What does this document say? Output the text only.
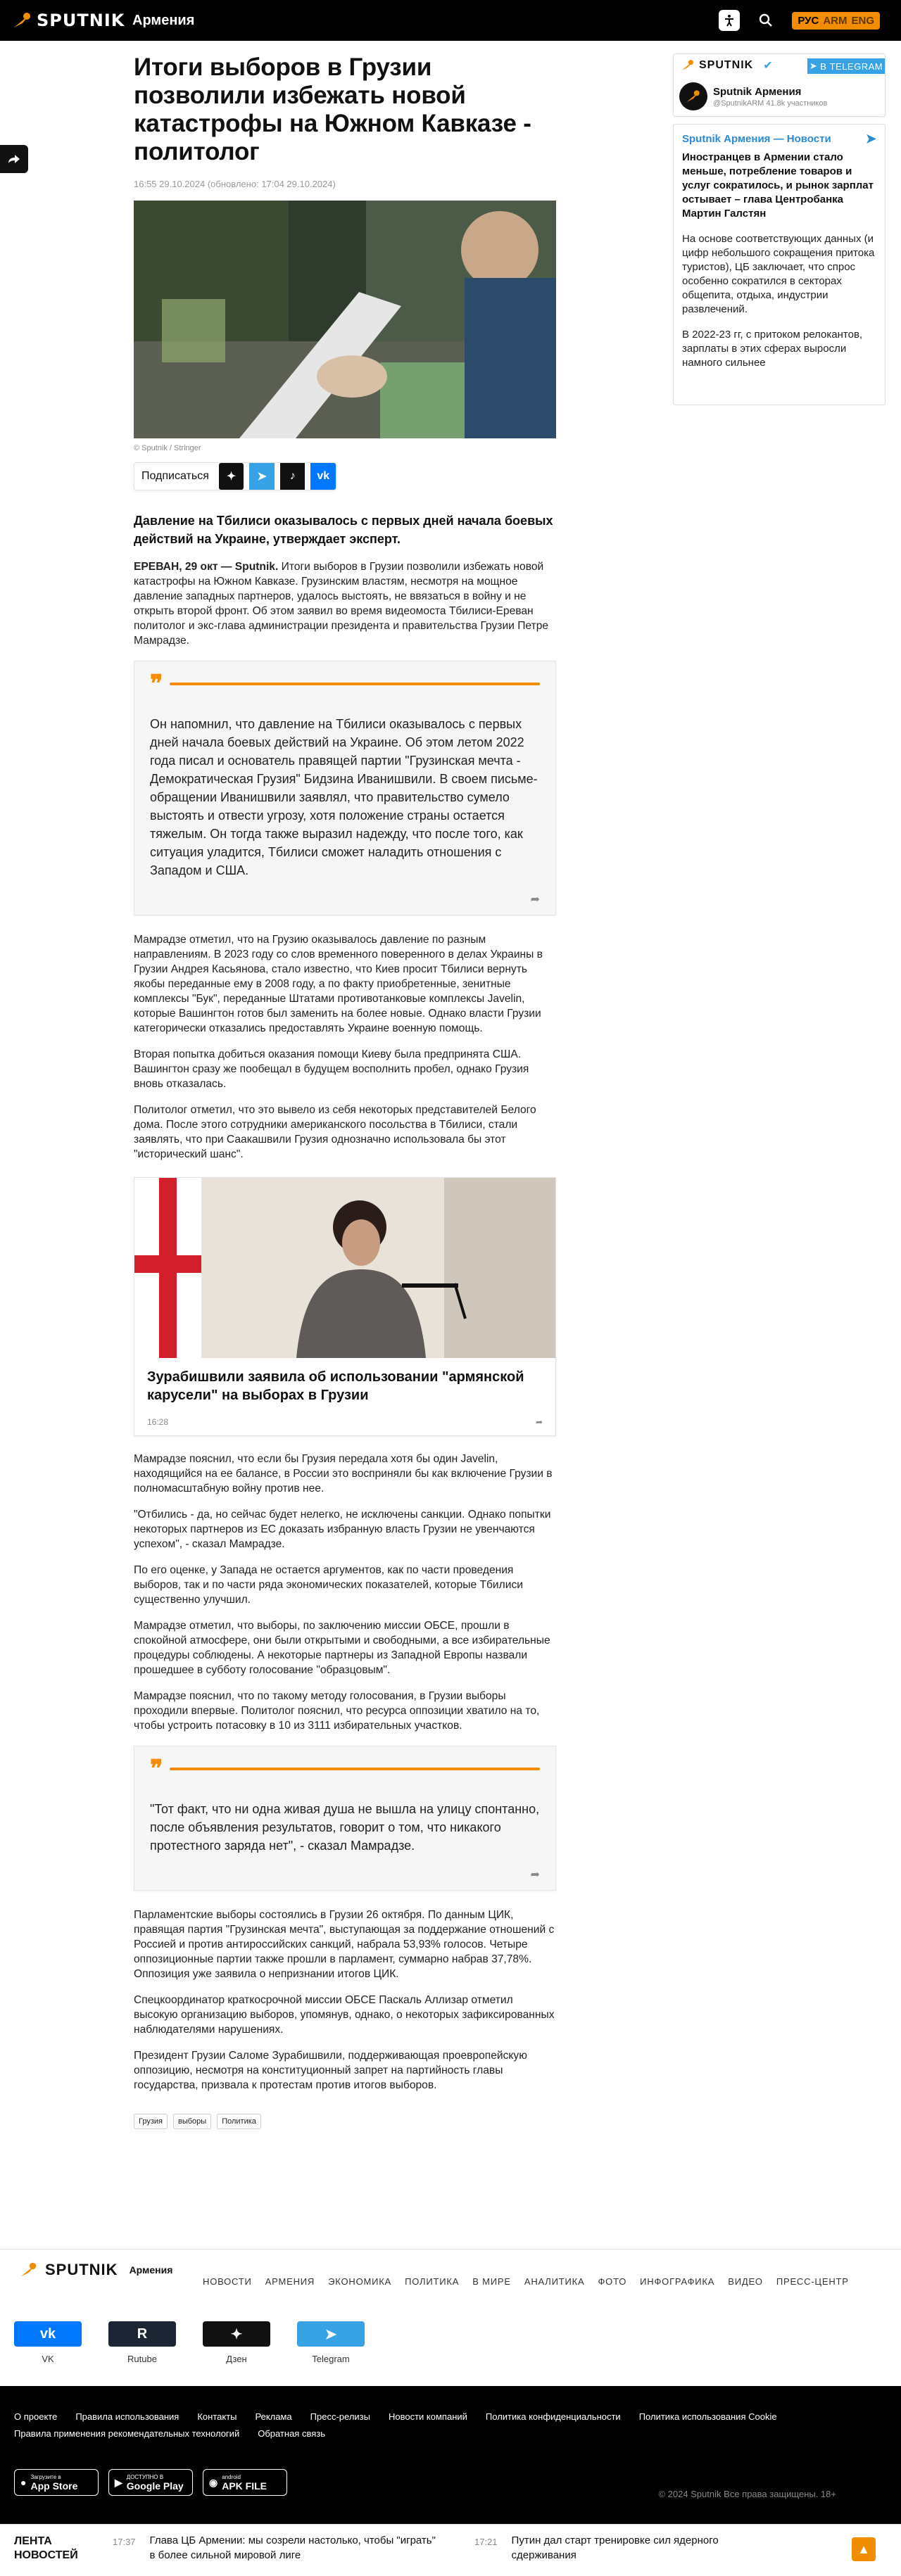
SPUTNIK Армения	РУС ARM ENG
Итоги выборов в Грузии позволили избежать новой катастрофы на Южном Кавказе - политолог
16:55 29.10.2024 (обновлено: 17:04 29.10.2024)
© Sputnik / Stringer
Подписаться	✦	➤	♪	vk
Давление на Тбилиси оказывалось с первых дней начала боевых действий на Украине, утверждает эксперт.

ЕРЕВАН, 29 окт — Sputnik. Итоги выборов в Грузии позволили избежать новой катастрофы на Южном Кавказе. Грузинским властям, несмотря на мощное давление западных партнеров, удалось выстоять, не ввязаться в войну и не открыть второй фронт. Об этом заявил во время видеомоста Тбилиси-Ереван политолог и экс-глава администрации президента и правительства Грузии Петре Мамрадзе.

❞
Он напомнил, что давление на Тбилиси оказывалось с первых дней начала боевых действий на Украине. Об этом летом 2022 года писал и основатель правящей партии "Грузинская мечта - Демократическая Грузия" Бидзина Иванишвили. В своем письме-обращении Иванишвили заявлял, что правительство сумело выстоять и отвести угрозу, хотя положение страны остается тяжелым. Он тогда также выразил надежду, что после того, как ситуация уладится, Тбилиси сможет наладить отношения с Западом и США.
➦

Мамрадзе отметил, что на Грузию оказывалось давление по разным направлениям. В 2023 году со слов временного поверенного в делах Украины в Грузии Андрея Касьянова, стало известно, что Киев просит Тбилиси вернуть якобы переданные ему в 2008 году, а по факту приобретенные, зенитные комплексы "Бук", переданные Штатами противотанковые комплексы Javelin, которые Вашингтон готов был заменить на более новые. Однако власти Грузии категорически отказались предоставлять Украине военную помощь.

Вторая попытка добиться оказания помощи Киеву была предпринята США. Вашингтон сразу же пообещал в будущем восполнить пробел, однако Грузия вновь отказалась.

Политолог отметил, что это вывело из себя некоторых представителей Белого дома. После этого сотрудники американского посольства в Тбилиси, стали заявлять, что при Саакашвили Грузия однозначно использовала бы этот "исторический шанс".

Зурабишвили заявила об использовании "армянской карусели" на выборах в Грузии
16:28	➦

Мамрадзе пояснил, что если бы Грузия передала хотя бы один Javelin, находящийся на ее балансе, в России это восприняли бы как включение Грузии в полномасштабную войну против нее.

"Отбились - да, но сейчас будет нелегко, не исключены санкции. Однако попытки некоторых партнеров из ЕС доказать избранную власть Грузии не увенчаются успехом", - сказал Мамрадзе.

По его оценке, у Запада не остается аргументов, как по части проведения выборов, так и по части ряда экономических показателей, которые Тбилиси существенно улучшил.

Мамрадзе отметил, что выборы, по заключению миссии ОБСЕ, прошли в спокойной атмосфере, они были открытыми и свободными, а все избирательные процедуры соблюдены. А некоторые партнеры из Западной Европы назвали прошедшее в субботу голосование "образцовым".

Мамрадзе пояснил, что по такому методу голосования, в Грузии выборы проходили впервые. Политолог пояснил, что ресурса оппозиции хватило на то, чтобы устроить потасовку в 10 из 3111 избирательных участков.

❞
"Тот факт, что ни одна живая душа не вышла на улицу спонтанно, после объявления результатов, говорит о том, что никакого протестного заряда нет", - сказал Мамрадзе.
➦

Парламентские выборы состоялись в Грузии 26 октября. По данным ЦИК, правящая партия "Грузинская мечта", выступающая за поддержание отношений с Россией и против антироссийских санкций, набрала 53,93% голосов. Четыре оппозиционные партии также прошли в парламент, суммарно набрав 37,78%. Оппозиция уже заявила о непризнании итогов ЦИК.

Спецкоординатор краткосрочной миссии ОБСЕ Паскаль Аллизар отметил высокую организацию выборов, упомянув, однако, о некоторых зафиксированных наблюдателями нарушениях.

Президент Грузии Саломе Зурабишвили, поддерживающая проевропейскую оппозицию, несмотря на конституционный запрет на партийность главы государства, призвала к протестам против итогов выборов.

Грузия	выборы	Политика
SPUTNIK ✔	➤ В TELEGRAM
Sputnik Армения
@SputnikARM 41.8k участников
Sputnik Армения — Новости	➤
Иностранцев в Армении стало меньше, потребление товаров и услуг сократилось, и рынок зарплат остывает – глава Центробанка Мартин Галстян
На основе соответствующих данных (и цифр небольшого сокращения притока туристов), ЦБ заключает, что спрос особенно сократился в секторах общепита, отдыха, индустрии развлечений.
В 2022-23 гг, с притоком релокантов, зарплаты в этих сферах выросли намного сильнее
SPUTNIK Армения
НОВОСТИ АРМЕНИЯ ЭКОНОМИКА ПОЛИТИКА В МИРЕ АНАЛИТИКА ФОТО ИНФОГРАФИКА ВИДЕО ПРЕСС-ЦЕНТР
vk
VK
R
Rutube
✦
Дзен
➤
Telegram
О проекте Правила использования Контакты Реклама Пресс-релизы Новости компаний Политика конфиденциальности Политика использования Cookie
Правила применения рекомендательных технологий Обратная связь
● Загрузите в
App Store	▶ ДОСТУПНО В
Google Play	◉ android
APK FILE
© 2024 Sputnik Все права защищены. 18+
ЛЕНТА НОВОСТЕЙ
17:37 Глава ЦБ Армении: мы созрели настолько, чтобы "играть" в более сильной мировой лиге
17:21 Путин дал старт тренировке сил ядерного сдерживания	▲
